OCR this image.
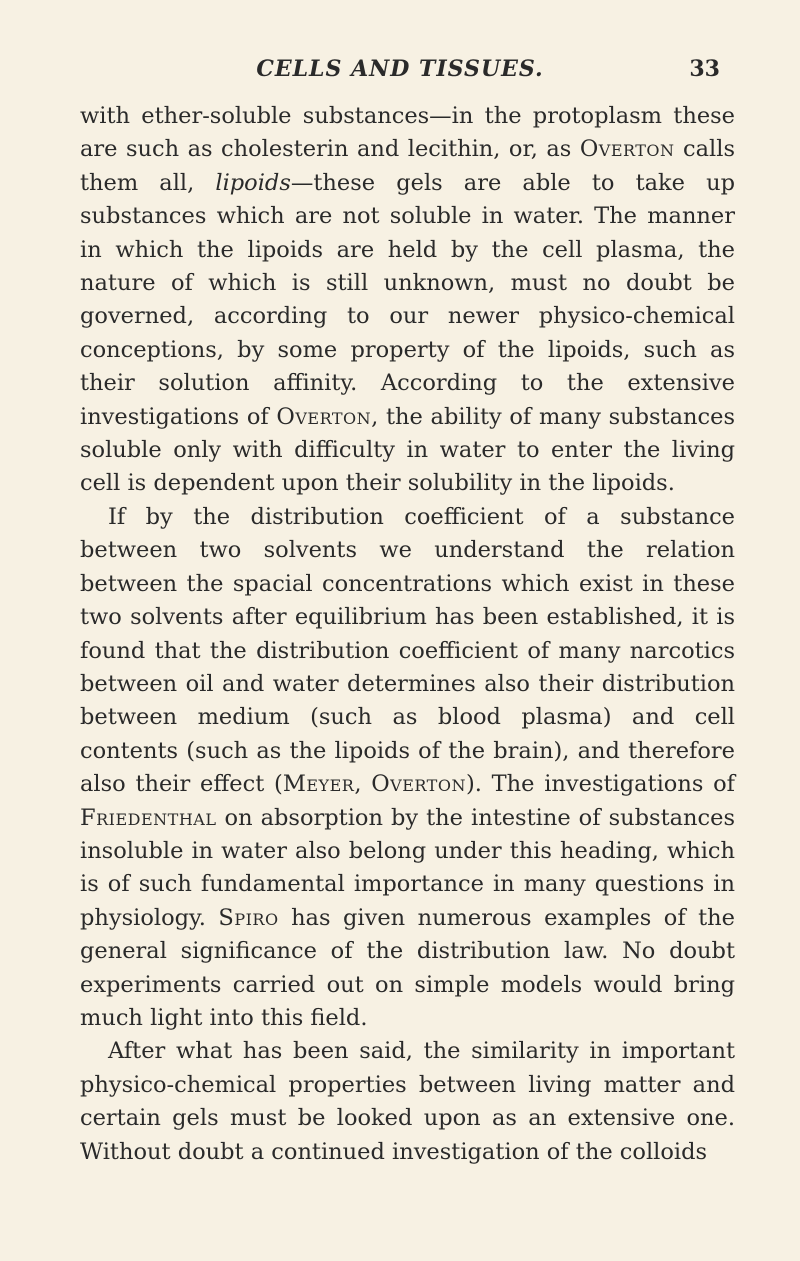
CELLS AND TISSUES.	33

with ether-soluble substances—in the protoplasm these are such as cholesterin and lecithin, or, as Overton calls them all, lipoids—these gels are able to take up substances which are not soluble in water. The manner in which the lipoids are held by the cell plasma, the nature of which is still unknown, must no doubt be governed, according to our newer physico-chemical conceptions, by some property of the lipoids, such as their solution affinity. According to the extensive investigations of Overton, the ability of many substances soluble only with difficulty in water to enter the living cell is dependent upon their solubility in the lipoids.

If by the distribution coefficient of a substance between two solvents we understand the relation between the spacial concentrations which exist in these two solvents after equilibrium has been established, it is found that the distribution coefficient of many narcotics between oil and water determines also their distribution between medium (such as blood plasma) and cell contents (such as the lipoids of the brain), and therefore also their effect (Meyer, Overton). The investigations of Friedenthal on absorption by the intestine of substances insoluble in water also belong under this heading, which is of such fundamental importance in many questions in physiology. Spiro has given numerous examples of the general significance of the distribution law. No doubt experiments carried out on simple models would bring much light into this field.

After what has been said, the similarity in important physico-chemical properties between living matter and certain gels must be looked upon as an extensive one. Without doubt a continued investigation of the colloids
